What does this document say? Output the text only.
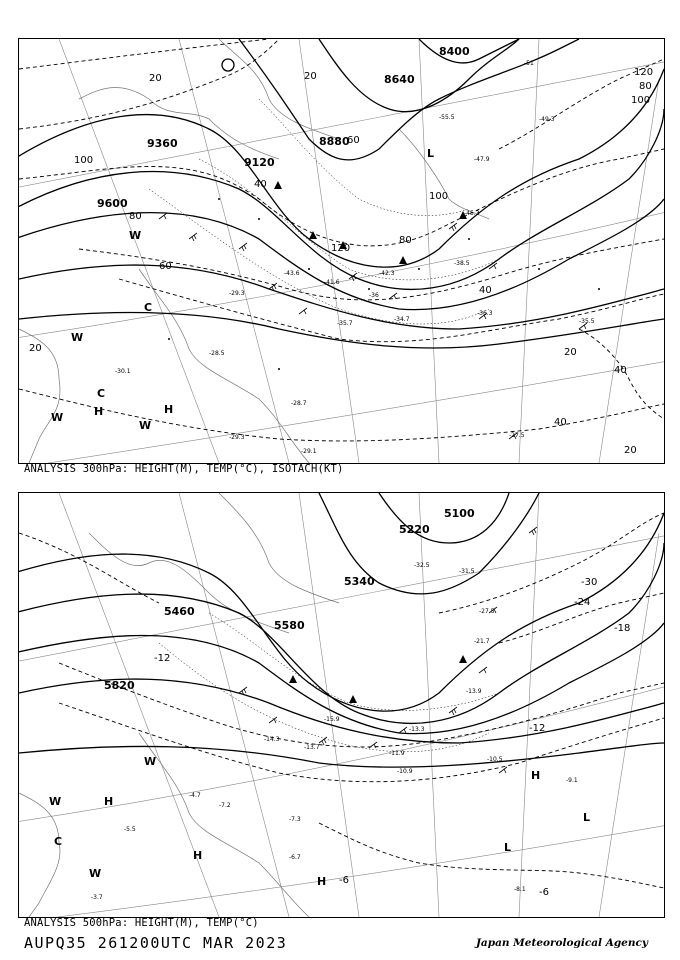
8400
8640
8880
9120
9360
9600
20	20
40
60
80
100
120
100
80
60
40
20
40
20
40
100
120
80
20
-55.5
-51
-49.3
-47.9
-45.3
-43.6	-42.3
-41.6
-38.5
-36.3
-35.7
-34.7	-35.5
-29.3
-28.5
-30.1
-27.5
-29.1
-28.7
-29.3
-36
H	H
C
C
W
W
W
W
L
ANALYSIS 300hPa: HEIGHT(M), TEMP(°C), ISOTACH(KT)
5100
5220
5340
5460
5580
5820
-30
-24
-18
-12
-12
-6
-6
-31.5
-32.5
-27.5
-21.7
-13.9
-13.3
-11.9
-10.5
-10.9
-9.1
-8.1
-7.2
-7.3
-6.7
-4.7
-5.5
-3.7
-14.3
-13.7
-15.9
H
H
H
H
L
L
C
W
W
W
ANALYSIS 500hPa: HEIGHT(M), TEMP(°C)
AUPQ35 261200UTC MAR 2023	Japan Meteorological Agency
